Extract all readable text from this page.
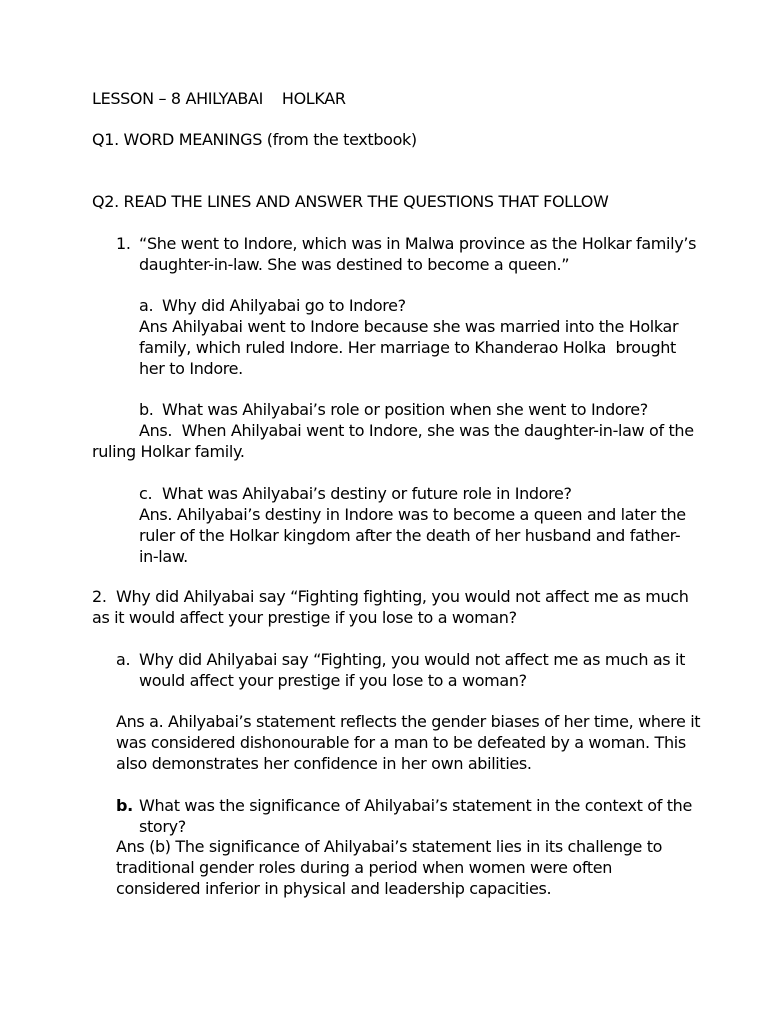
LESSON – 8 AHILYABAI    HOLKAR
Q1. WORD MEANINGS (from the textbook)
Q2. READ THE LINES AND ANSWER THE QUESTIONS THAT FOLLOW
1. “She went to Indore, which was in Malwa province as the Holkar family’s
daughter-in-law. She was destined to become a queen.”
a. Why did Ahilyabai go to Indore?
Ans Ahilyabai went to Indore because she was married into the Holkar
family, which ruled Indore. Her marriage to Khanderao Holka  brought
her to Indore.
b. What was Ahilyabai’s role or position when she went to Indore?
Ans.  When Ahilyabai went to Indore, she was the daughter-in-law of the
ruling Holkar family.
c. What was Ahilyabai’s destiny or future role in Indore?
Ans. Ahilyabai’s destiny in Indore was to become a queen and later the
ruler of the Holkar kingdom after the death of her husband and father-
in-law.
2.  Why did Ahilyabai say “Fighting fighting, you would not affect me as much
as it would affect your prestige if you lose to a woman?
a. Why did Ahilyabai say “Fighting, you would not affect me as much as it
would affect your prestige if you lose to a woman?
Ans a. Ahilyabai’s statement reflects the gender biases of her time, where it
was considered dishonourable for a man to be defeated by a woman. This
also demonstrates her confidence in her own abilities.
b. What was the significance of Ahilyabai’s statement in the context of the
story?
Ans (b) The significance of Ahilyabai’s statement lies in its challenge to
traditional gender roles during a period when women were often
considered inferior in physical and leadership capacities.
